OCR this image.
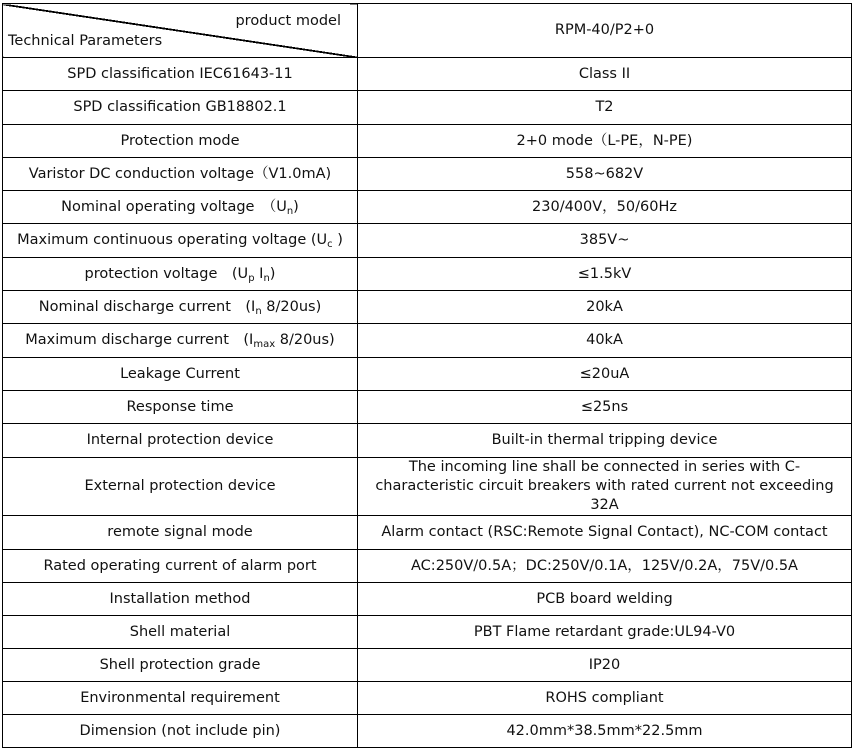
product model
Technical Parameters	RPM-40/P2+0
SPD classification IEC61643-11	Class II
SPD classification GB18802.1	T2
Protection mode	2+0 mode（L-PE，N-PE)
Varistor DC conduction voltage（V1.0mA)	558~682V
Nominal operating voltage　$(U_n)$	230/400V，50/60Hz
Maximum continuous operating voltage ($U_c$ )	385V~
protection voltage　($U_p$ $I_n$)	≤1.5kV
Nominal discharge current　($I_n$ 8/20us)	20kA
Maximum discharge current　($I_{max}$ 8/20us)	40kA
Leakage Current	≤20uA
Response time	≤25ns
Internal protection device	Built-in thermal tripping device
External protection device	The incoming line shall be connected in series with C-characteristic circuit breakers with rated current not exceeding 32A
remote signal mode	Alarm contact (RSC:Remote Signal Contact), NC-COM contact
Rated operating current of alarm port	AC:250V/0.5A；DC:250V/0.1A，125V/0.2A，75V/0.5A
Installation method	PCB board welding
Shell material	PBT Flame retardant grade:UL94-V0
Shell protection grade	IP20
Environmental requirement	ROHS compliant
Dimension (not include pin)	42.0mm*38.5mm*22.5mm
